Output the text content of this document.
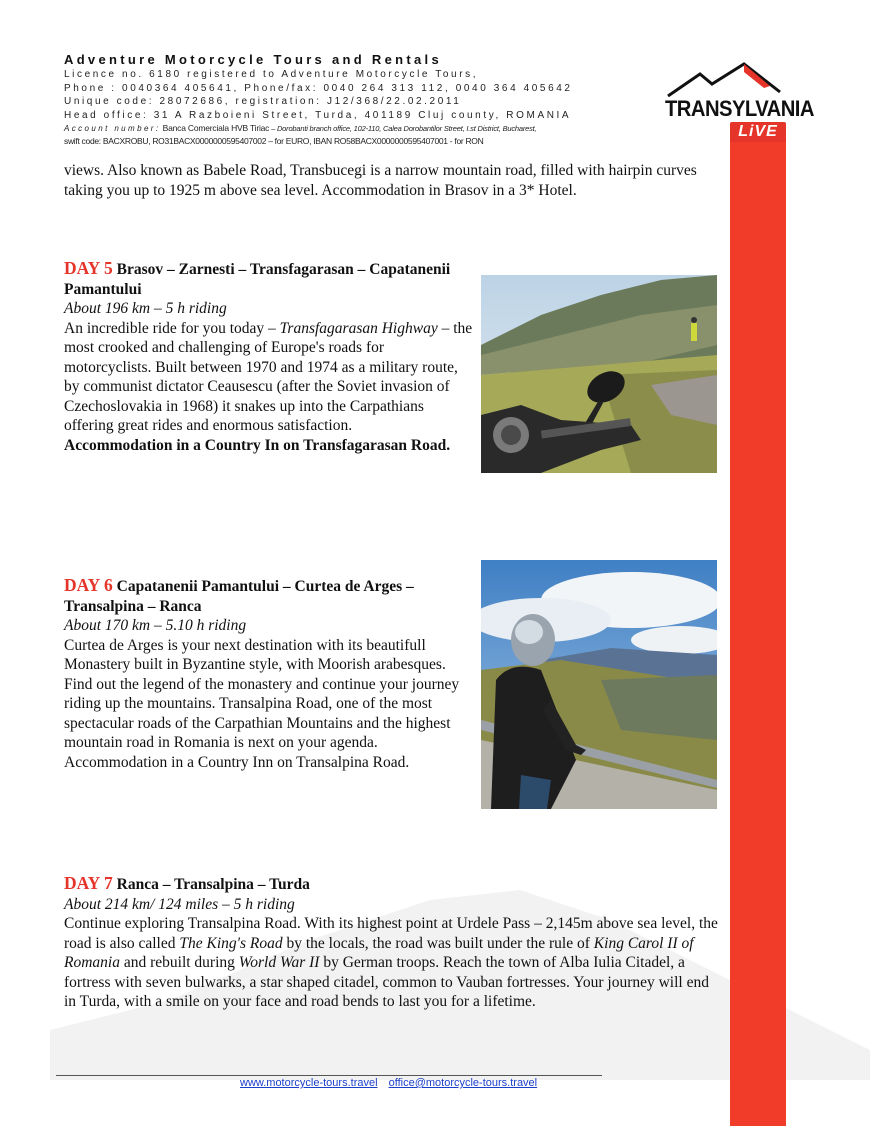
Adventure Motorcycle Tours and Rentals
Licence no. 6180 registered to Adventure Motorcycle Tours,
Phone : 0040364 405641, Phone/fax: 0040 264 313 112, 0040 364 405642
Unique code: 28072686, registration: J12/368/22.02.2011
Head office: 31 A Razboieni Street, Turda, 401189 Cluj county, ROMANIA
Account number: Banca Comerciala HVB Tiriac – Dorobanti branch office, 102-110, Calea Dorobantilor Street, I.st District, Bucharest,
swift code: BACXROBU, RO31BACX0000000595407002 – for EURO, IBAN RO58BACX0000000595407001 - for RON
TRANSYLVANIA
LiVE

views. Also known as Babele Road, Transbucegi is a narrow mountain road, filled with hairpin curves taking you up to 1925 m above sea level. Accommodation in Brasov in a 3* Hotel.

DAY 5 Brasov – Zarnesti – Transfagarasan – Capatanenii Pamantului
About 196 km – 5 h riding
An incredible ride for you today – Transfagarasan Highway – the most crooked and challenging of Europe's roads for motorcyclists. Built between 1970 and 1974 as a military route, by communist dictator Ceausescu (after the Soviet invasion of Czechoslovakia in 1968) it snakes up into the Carpathians offering great rides and enormous satisfaction.
Accommodation in a Country In on Transfagarasan Road.
DAY 6 Capatanenii Pamantului – Curtea de Arges – Transalpina – Ranca
About 170 km – 5.10 h riding
Curtea de Arges is your next destination with its beautifull Monastery built in Byzantine style, with Moorish arabesques. Find out the legend of the monastery and continue your journey riding up the mountains. Transalpina Road, one of the most spectacular roads of the Carpathian Mountains and the highest mountain road in Romania is next on your agenda. Accommodation in a Country Inn on Transalpina Road.
DAY 7 Ranca – Transalpina – Turda
About 214 km/ 124 miles – 5 h riding
Continue exploring Transalpina Road. With its highest point at Urdele Pass – 2,145m above sea level, the road is also called The King's Road by the locals, the road was built under the rule of King Carol II of Romania and rebuilt during World War II by German troops. Reach the town of Alba Iulia Citadel, a fortress with seven bulwarks, a star shaped citadel, common to Vauban fortresses. Your journey will end in Turda, with a smile on your face and road bends to last you for a lifetime.
www.motorcycle-tours.travel office@motorcycle-tours.travel
